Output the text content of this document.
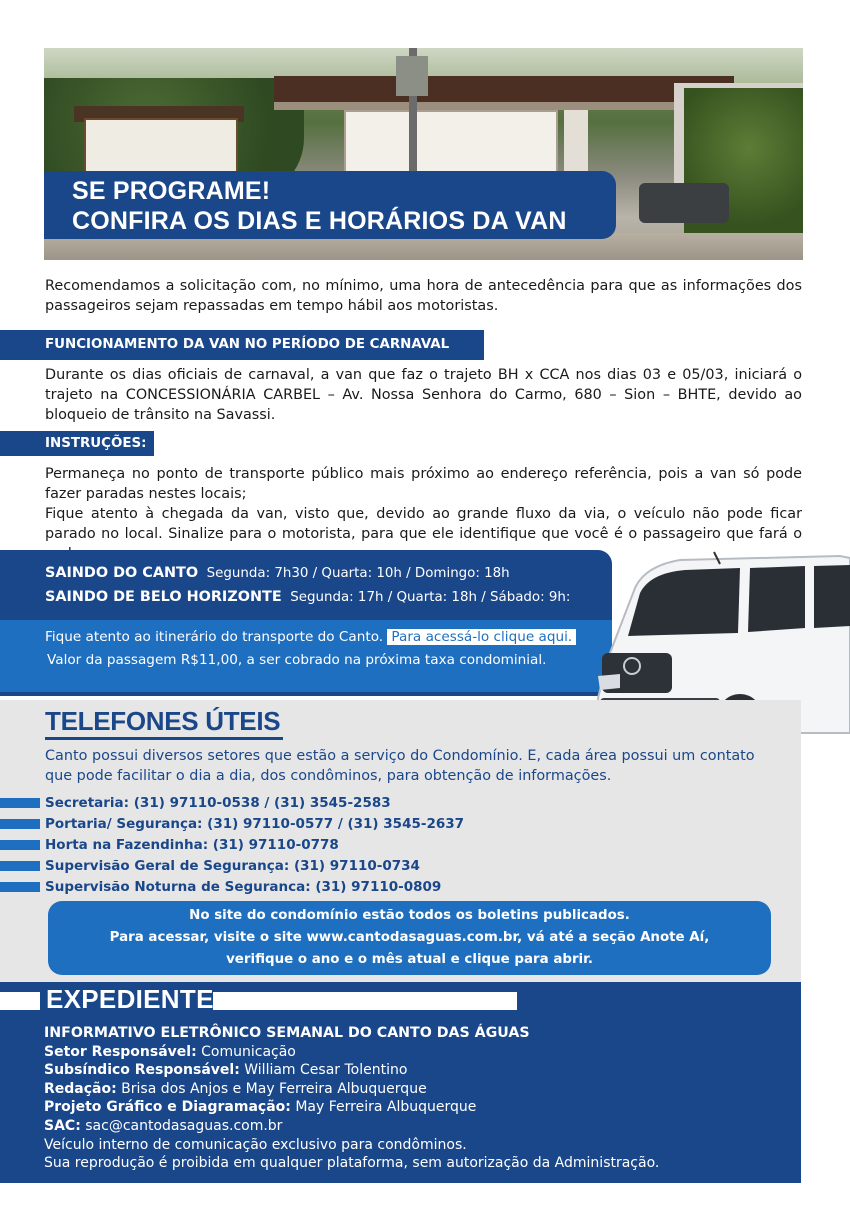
SE PROGRAME!
CONFIRA OS DIAS E HORÁRIOS DA VAN
Recomendamos a solicitação com, no mínimo, uma hora de antecedência para que as informações dos passageiros sejam repassadas em tempo hábil aos motoristas.
FUNCIONAMENTO DA VAN NO PERÍODO DE CARNAVAL
Durante os dias oficiais de carnaval, a van que faz o trajeto BH x CCA nos dias 03 e 05/03, iniciará o trajeto na CONCESSIONÁRIA CARBEL – Av. Nossa Senhora do Carmo, 680 – Sion – BHTE, devido ao bloqueio de trânsito na Savassi.
INSTRUÇÕES:
Permaneça no ponto de transporte público mais próximo ao endereço referência, pois a van só pode fazer paradas nestes locais;
Fique atento à chegada da van, visto que, devido ao grande fluxo da via, o veículo não pode ficar parado no local. Sinalize para o motorista, para que ele identifique que você é o passageiro que fará o
SAINDO DO CANTO Segunda: 7h30 / Quarta: 10h / Domingo: 18h
SAINDO DE BELO HORIZONTE Segunda: 17h / Quarta: 18h / Sábado: 9h:
Fique atento ao itinerário do transporte do Canto. Para acessá-lo clique aqui.
Valor da passagem R$11,00, a ser cobrado na próxima taxa condominial.
TELEFONES ÚTEIS
Canto possui diversos setores que estão a serviço do Condomínio. E, cada área possui um contato que pode facilitar o dia a dia, dos condôminos, para obtenção de informações.
Secretaria: (31) 97110-0538 / (31) 3545-2583
Portaria/ Segurança: (31) 97110-0577 / (31) 3545-2637
Horta na Fazendinha: (31) 97110-0778
Supervisão Geral de Segurança: (31) 97110-0734
Supervisão Noturna de Seguranca: (31) 97110-0809
No site do condomínio estão todos os boletins publicados.
Para acessar, visite o site www.cantodasaguas.com.br, vá até a seção Anote Aí,
verifique o ano e o mês atual e clique para abrir.
EXPEDIENTE
INFORMATIVO ELETRÔNICO SEMANAL DO CANTO DAS ÁGUAS
Setor Responsável: Comunicação
Subsíndico Responsável: William Cesar Tolentino
Redação: Brisa dos Anjos e May Ferreira Albuquerque
Projeto Gráfico e Diagramação: May Ferreira Albuquerque
SAC: sac@cantodasaguas.com.br
Veículo interno de comunicação exclusivo para condôminos.
Sua reprodução é proibida em qualquer plataforma, sem autorização da Administração.
